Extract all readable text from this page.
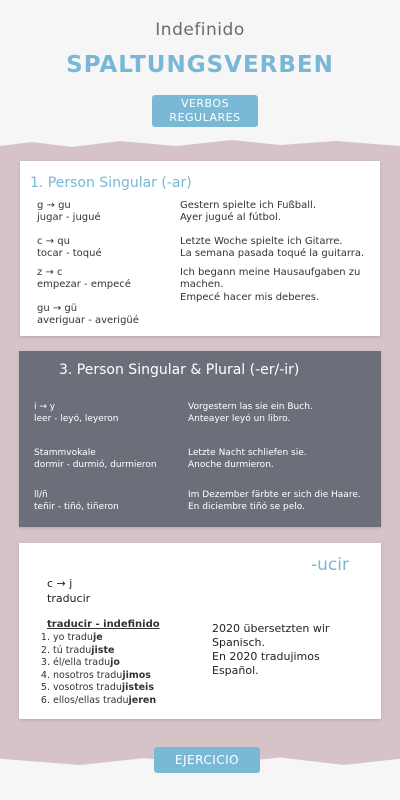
Indefinido
SPALTUNGSVERBEN
VERBOS
REGULARES
1. Person Singular (-ar)
g → gu
jugar - jugué
Gestern spielte ich Fußball.
Ayer jugué al fútbol.
c → qu
tocar - toqué
Letzte Woche spielte ich Gitarre.
La semana pasada toqué la guitarra.
z → c
empezar - empecé
Ich begann meine Hausaufgaben zu
machen.
Empecé hacer mis deberes.
gu → gü
averiguar - averigüé
3. Person Singular & Plural (-er/-ir)
i → y
leer - leyó, leyeron
Vorgestern las sie ein Buch.
Anteayer leyó un libro.
Stammvokale
dormir - durmió, durmieron
Letzte Nacht schliefen sie.
Anoche durmieron.
ll/ñ
teñir - tiñó, tiñeron
Im Dezember färbte er sich die Haare.
En diciembre tiñó se pelo.
-ucir
c → j
traducir
traducir - indefinido
1. yo traduje
2. tú tradujiste
3. él/ella tradujo
4. nosotros tradujimos
5. vosotros tradujisteis
6. ellos/ellas tradujeren
2020 übersetzten wir
Spanisch.
En 2020 tradujimos
Español.
EJERCICIO
